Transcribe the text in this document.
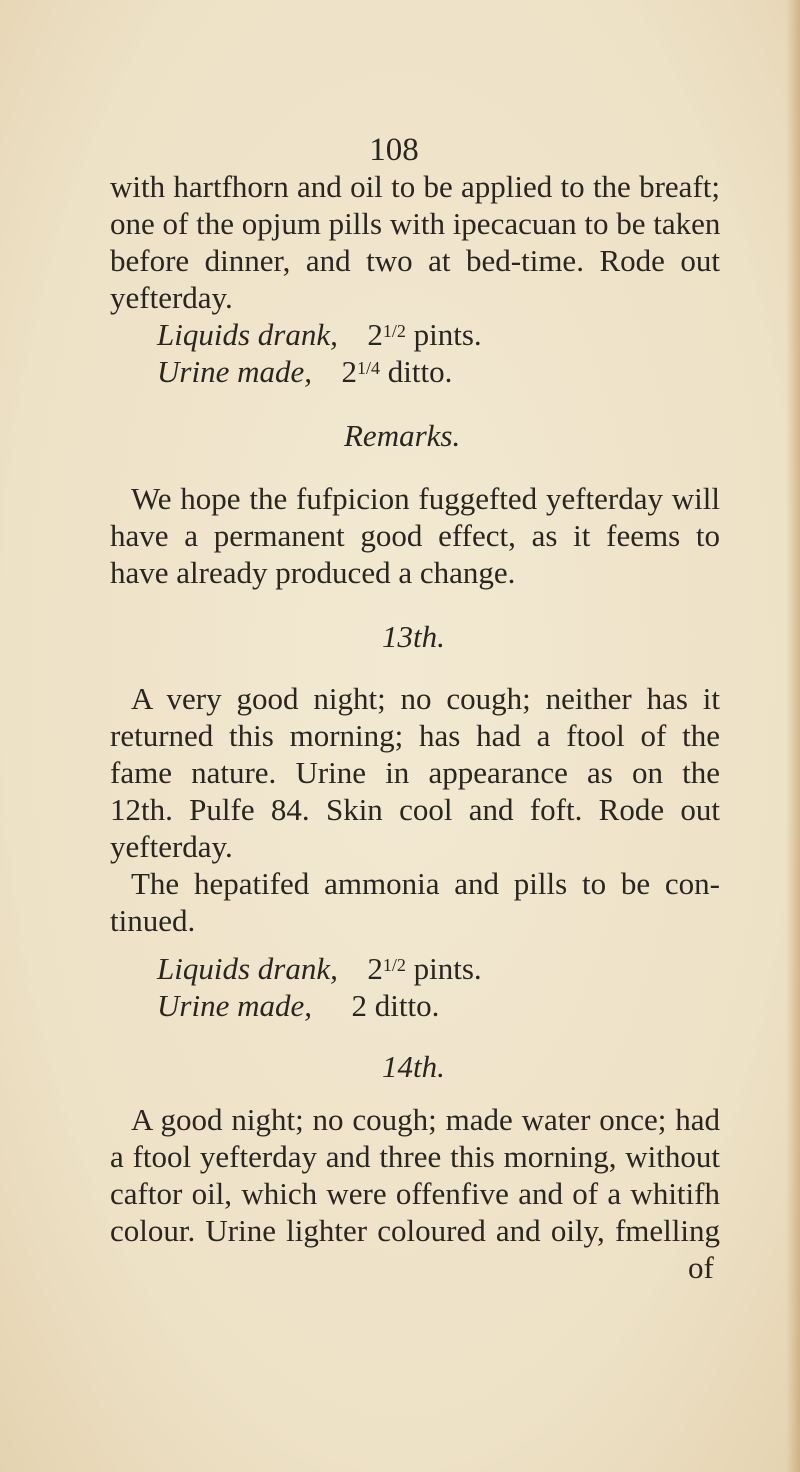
108
with hartfhorn and oil to be applied to the breaft;
one of the opjum pills with ipecacuan to be taken
before dinner, and two at bed-time. Rode out
yefterday.
Liquids drank, $2^{1/2}$ pints.
Urine made, $2^{1/4}$ ditto.
Remarks.
We hope the fufpicion fuggefted yefterday will
have a permanent good effect, as it feems to
have already produced a change.
13th.
A very good night; no cough; neither has it
returned this morning; has had a ftool of the
fame nature. Urine in appearance as on the
12th. Pulfe 84. Skin cool and foft. Rode out
yefterday.
The hepatifed ammonia and pills to be con-
tinued.
Liquids drank, $2^{1/2}$ pints.
Urine made, 2 ditto.
14th.
A good night; no cough; made water once; had
a ftool yefterday and three this morning, without
caftor oil, which were offenfive and of a whitifh
colour. Urine lighter coloured and oily, fmelling
of
